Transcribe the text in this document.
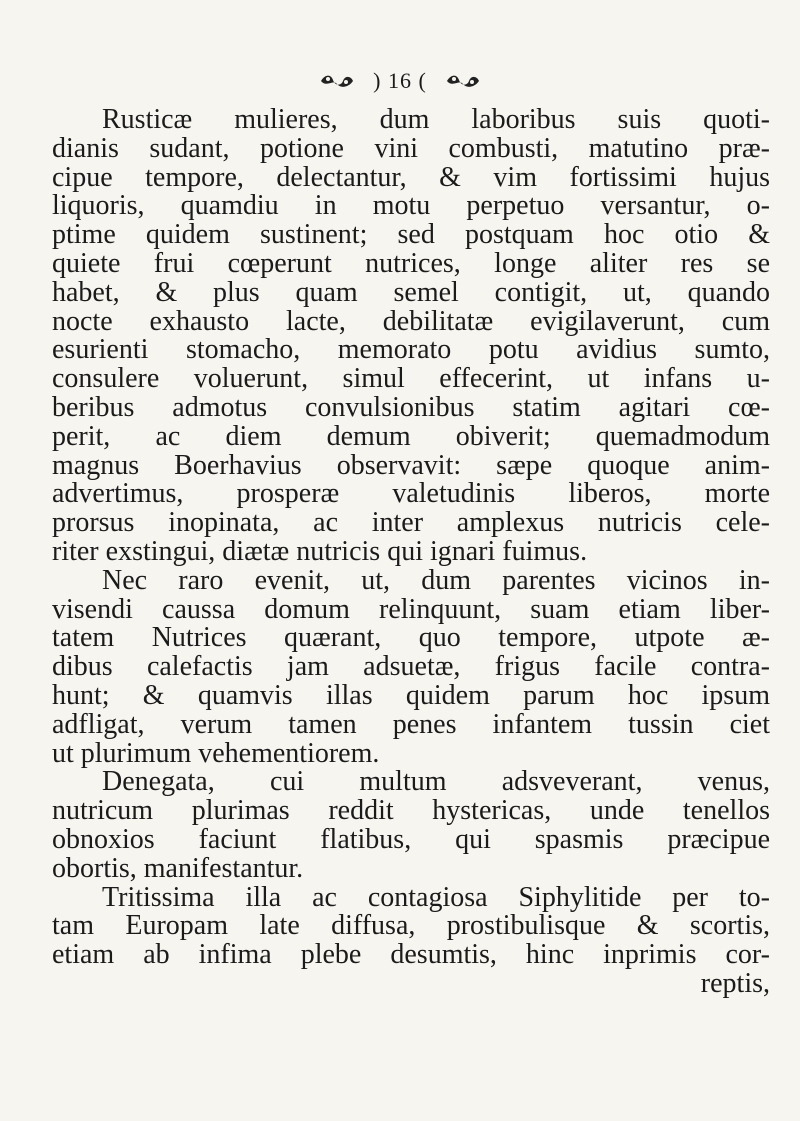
) 16 (
Rusticæ mulieres, dum laboribus suis quoti-
dianis sudant, potione vini combusti, matutino præ-
cipue tempore, delectantur, & vim fortissimi hujus
liquoris, quamdiu in motu perpetuo versantur, o-
ptime quidem sustinent; sed postquam hoc otio &
quiete frui cœperunt nutrices, longe aliter res se
habet, & plus quam semel contigit, ut, quando
nocte exhausto lacte, debilitatæ evigilaverunt, cum
esurienti stomacho, memorato potu avidius sumto,
consulere voluerunt, simul effecerint, ut infans u-
beribus admotus convulsionibus statim agitari cœ-
perit, ac diem demum obiverit; quemadmodum
magnus Boerhavius observavit: sæpe quoque anim-
advertimus, prosperæ valetudinis liberos, morte
prorsus inopinata, ac inter amplexus nutricis cele-
riter exstingui, diætæ nutricis qui ignari fuimus.
Nec raro evenit, ut, dum parentes vicinos in-
visendi caussa domum relinquunt, suam etiam liber-
tatem Nutrices quærant, quo tempore, utpote æ-
dibus calefactis jam adsuetæ, frigus facile contra-
hunt; & quamvis illas quidem parum hoc ipsum
adfligat, verum tamen penes infantem tussin ciet
ut plurimum vehementiorem.
Denegata, cui multum adsveverant, venus,
nutricum plurimas reddit hystericas, unde tenellos
obnoxios faciunt flatibus, qui spasmis præcipue
obortis, manifestantur.
Tritissima illa ac contagiosa Siphylitide per to-
tam Europam late diffusa, prostibulisque & scortis,
etiam ab infima plebe desumtis, hinc inprimis cor-
reptis,
